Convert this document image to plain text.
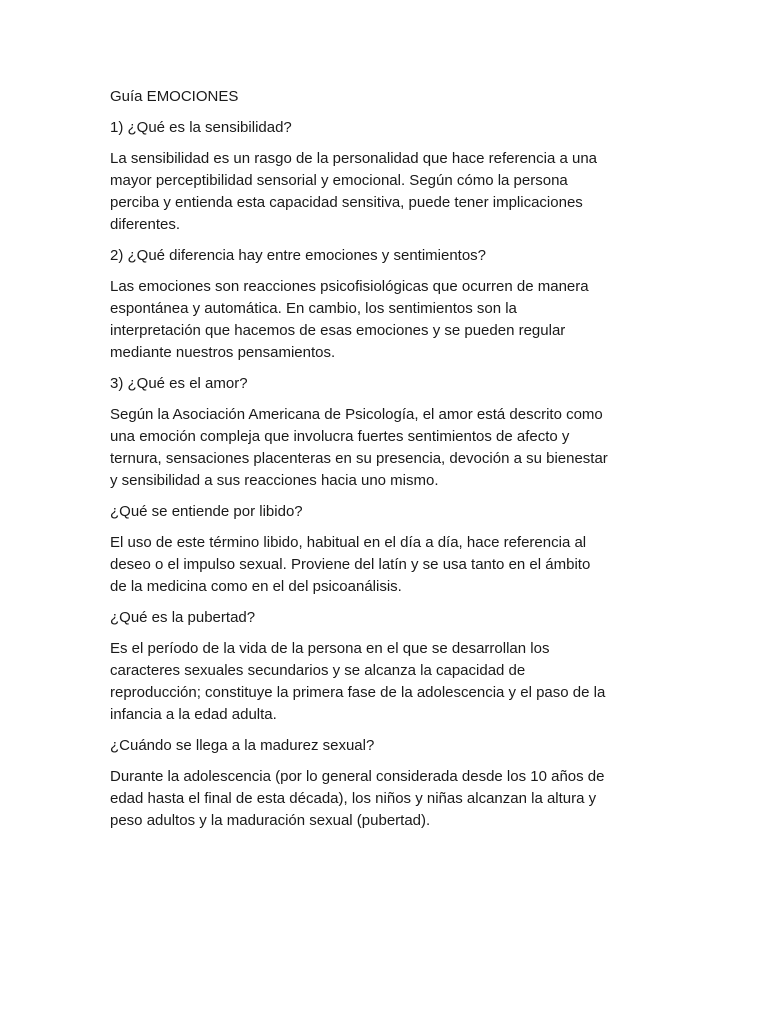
Guía EMOCIONES

1) ¿Qué es la sensibilidad?

La sensibilidad es un rasgo de la personalidad que hace referencia a una
mayor perceptibilidad sensorial y emocional. Según cómo la persona
perciba y entienda esta capacidad sensitiva, puede tener implicaciones
diferentes.

2) ¿Qué diferencia hay entre emociones y sentimientos?

Las emociones son reacciones psicofisiológicas que ocurren de manera
espontánea y automática. En cambio, los sentimientos son la
interpretación que hacemos de esas emociones y se pueden regular
mediante nuestros pensamientos.

3) ¿Qué es el amor?

Según la Asociación Americana de Psicología, el amor está descrito como
una emoción compleja que involucra fuertes sentimientos de afecto y
ternura, sensaciones placenteras en su presencia, devoción a su bienestar
y sensibilidad a sus reacciones hacia uno mismo.

¿Qué se entiende por libido?

El uso de este término libido, habitual en el día a día, hace referencia al
deseo o el impulso sexual. Proviene del latín y se usa tanto en el ámbito
de la medicina como en el del psicoanálisis.

¿Qué es la pubertad?

Es el período de la vida de la persona en el que se desarrollan los
caracteres sexuales secundarios y se alcanza la capacidad de
reproducción; constituye la primera fase de la adolescencia y el paso de la
infancia a la edad adulta.

¿Cuándo se llega a la madurez sexual?

Durante la adolescencia (por lo general considerada desde los 10 años de
edad hasta el final de esta década), los niños y niñas alcanzan la altura y
peso adultos y la maduración sexual (pubertad).
